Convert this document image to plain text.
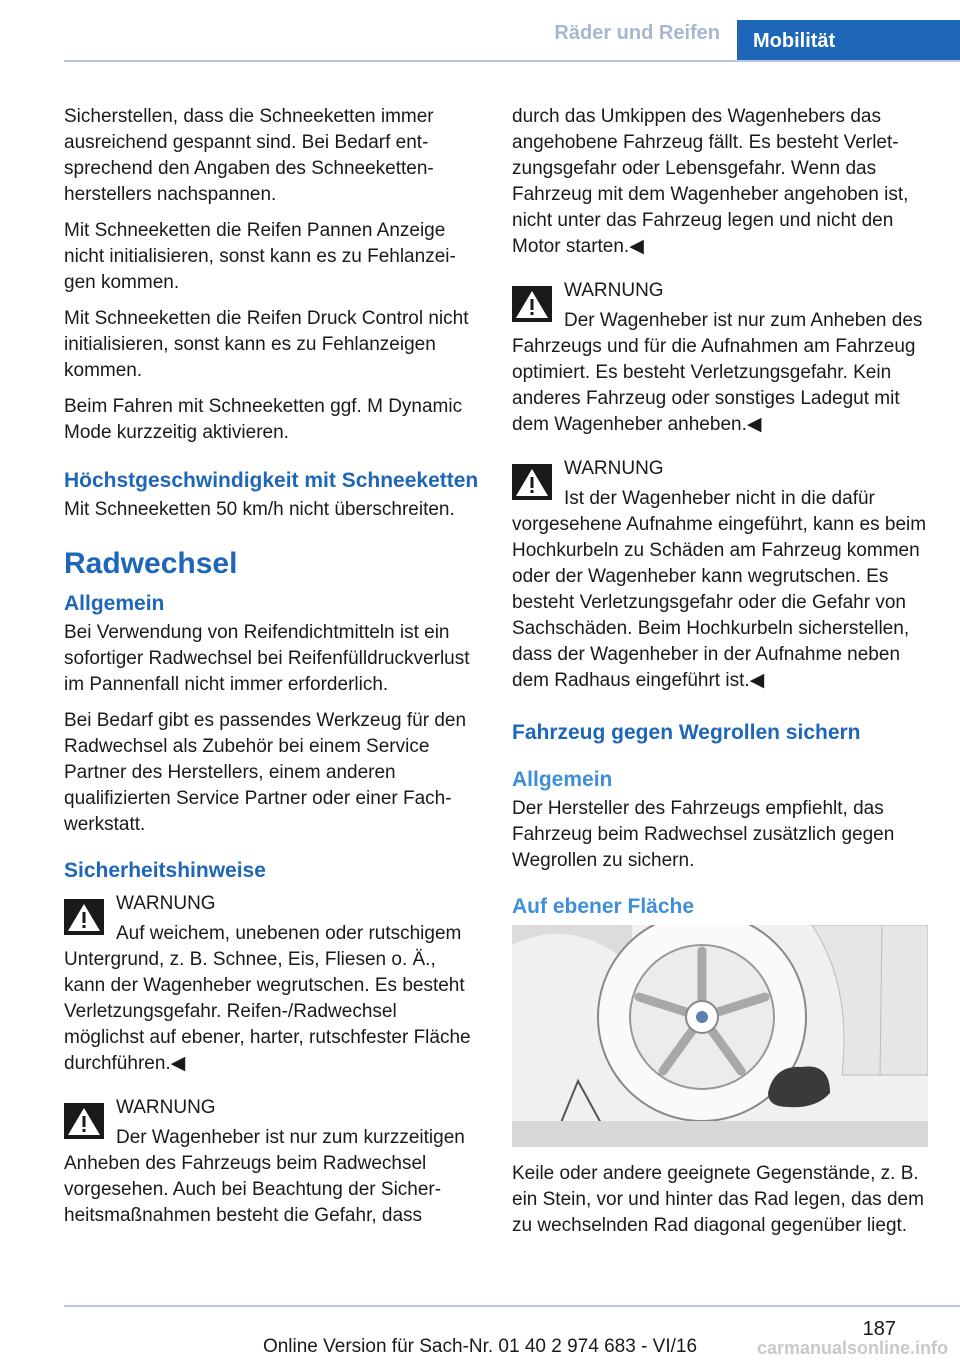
Räder und Reifen	Mobilität

Sicherstellen, dass die Schneeketten immer ausreichend gespannt sind. Bei Bedarf entsprechend den Angaben des Schneekettenherstellers nachspannen.

Mit Schneeketten die Reifen Pannen Anzeige nicht initialisieren, sonst kann es zu Fehlanzeigen kommen.

Mit Schneeketten die Reifen Druck Control nicht initialisieren, sonst kann es zu Fehlanzeigen kommen.

Beim Fahren mit Schneeketten ggf. M Dynamic Mode kurzzeitig aktivieren.

Höchstgeschwindigkeit mit Schneeketten

Mit Schneeketten 50 km/h nicht überschreiten.

Radwechsel
Allgemein

Bei Verwendung von Reifendichtmitteln ist ein sofortiger Radwechsel bei Reifenfülldruckverlust im Pannenfall nicht immer erforderlich.

Bei Bedarf gibt es passendes Werkzeug für den Radwechsel als Zubehör bei einem Service Partner des Herstellers, einem anderen qualifizierten Service Partner oder einer Fachwerkstatt.

Sicherheitshinweise
WARNUNG
Auf weichem, unebenen oder rutschigem Untergrund, z. B. Schnee, Eis, Fliesen o. Ä., kann der Wagenheber wegrutschen. Es besteht Verletzungsgefahr. Reifen-/Radwechsel möglichst auf ebener, harter, rutschfester Fläche durchführen.◀
WARNUNG
Der Wagenheber ist nur zum kurzzeitigen Anheben des Fahrzeugs beim Radwechsel vorgesehen. Auch bei Beachtung der Sicherheitsmaßnahmen besteht die Gefahr, dass

durch das Umkippen des Wagenhebers das angehobene Fahrzeug fällt. Es besteht Verletzungsgefahr oder Lebensgefahr. Wenn das Fahrzeug mit dem Wagenheber angehoben ist, nicht unter das Fahrzeug legen und nicht den Motor starten.◀

WARNUNG
Der Wagenheber ist nur zum Anheben des Fahrzeugs und für die Aufnahmen am Fahrzeug optimiert. Es besteht Verletzungsgefahr. Kein anderes Fahrzeug oder sonstiges Ladegut mit dem Wagenheber anheben.◀
WARNUNG
Ist der Wagenheber nicht in die dafür vorgesehene Aufnahme eingeführt, kann es beim Hochkurbeln zu Schäden am Fahrzeug kommen oder der Wagenheber kann wegrutschen. Es besteht Verletzungsgefahr oder die Gefahr von Sachschäden. Beim Hochkurbeln sicherstellen, dass der Wagenheber in der Aufnahme neben dem Radhaus eingeführt ist.◀
Fahrzeug gegen Wegrollen sichern
Allgemein

Der Hersteller des Fahrzeugs empfiehlt, das Fahrzeug beim Radwechsel zusätzlich gegen Wegrollen zu sichern.

Auf ebener Fläche

Keile oder andere geeignete Gegenstände, z. B. ein Stein, vor und hinter das Rad legen, das dem zu wechselnden Rad diagonal gegenüber liegt.

187
Online Version für Sach-Nr. 01 40 2 974 683 - VI/16	carmanualsonline.info
